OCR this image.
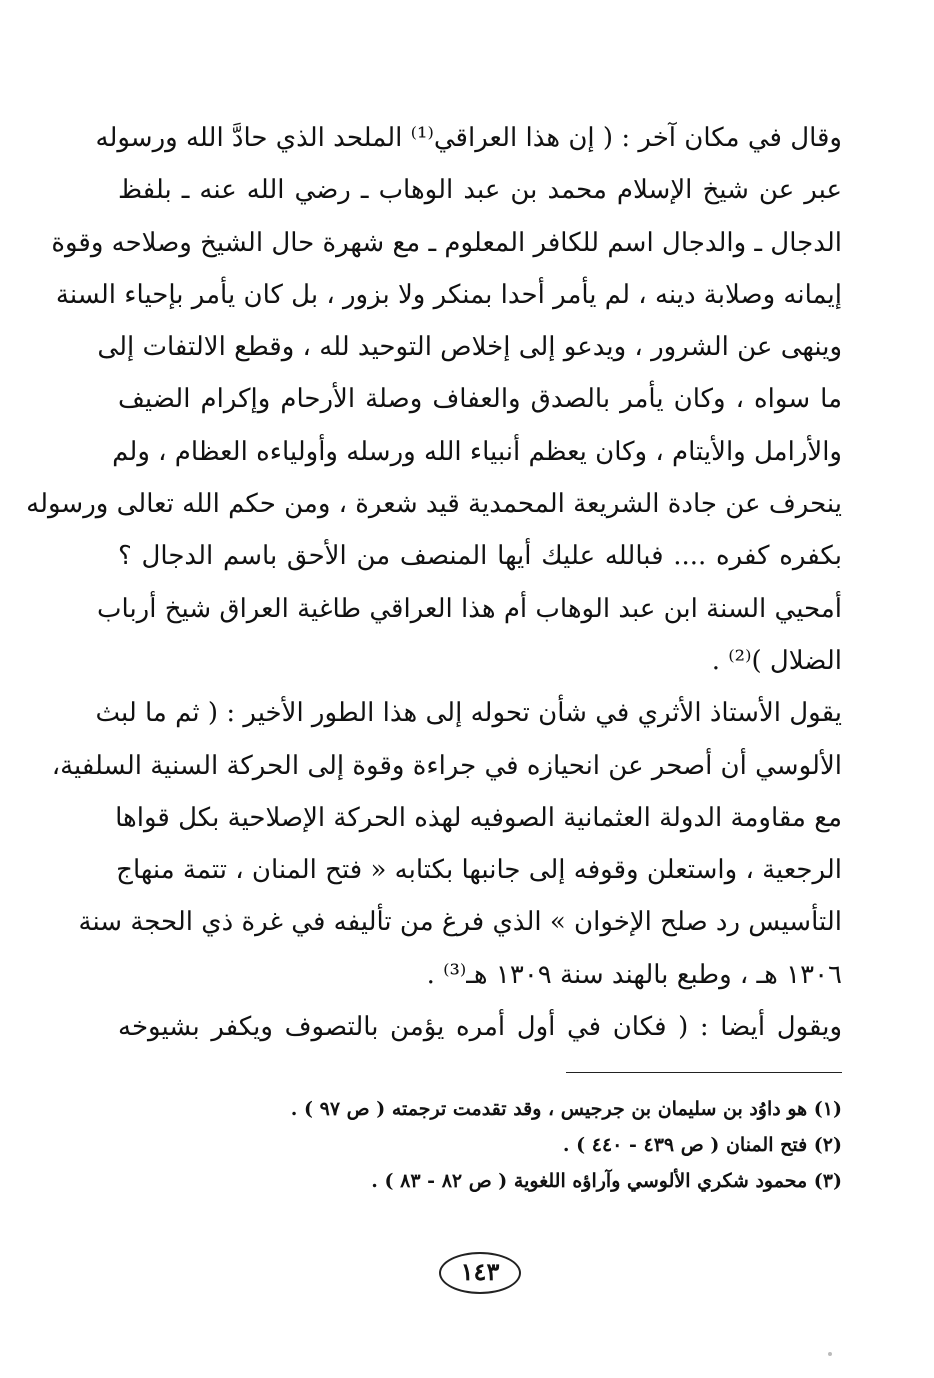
وقال في مكان آخر : ( إن هذا العراقي⁽¹⁾ الملحد الذي حادَّ الله ورسوله
عبر عن شيخ الإسلام محمد بن عبد الوهاب ـ رضي الله عنه ـ بلفظ
الدجال ـ والدجال اسم للكافر المعلوم ـ مع شهرة حال الشيخ وصلاحه وقوة
إيمانه وصلابة دينه ، لم يأمر أحدا بمنكر ولا بزور ، بل كان يأمر بإحياء السنة
وينهى عن الشرور ، ويدعو إلى إخلاص التوحيد لله ، وقطع الالتفات إلى
ما سواه ، وكان يأمر بالصدق والعفاف وصلة الأرحام وإكرام الضيف
والأرامل والأيتام ، وكان يعظم أنبياء الله ورسله وأولياءه العظام ، ولم
ينحرف عن جادة الشريعة المحمدية قيد شعرة ، ومن حكم الله تعالى ورسوله
بكفره كفره .... فبالله عليك أيها المنصف من الأحق باسم الدجال ؟
أمحيي السنة ابن عبد الوهاب أم هذا العراقي طاغية العراق شيخ أرباب
الضلال )⁽²⁾ .

يقول الأستاذ الأثري في شأن تحوله إلى هذا الطور الأخير : ( ثم ما لبث
الألوسي أن أصحر عن انحيازه في جراءة وقوة إلى الحركة السنية السلفية،
مع مقاومة الدولة العثمانية الصوفيه لهذه الحركة الإصلاحية بكل قواها
الرجعية ، واستعلن وقوفه إلى جانبها بكتابه « فتح المنان ، تتمة منهاج
التأسيس رد صلح الإخوان » الذي فرغ من تأليفه في غرة ذي الحجة سنة
١٣٠٦ هـ ، وطبع بالهند سنة ١٣٠٩ هـ⁽³⁾ .

ويقول أيضا : ( فكان في أول أمره يؤمن بالتصوف ويكفر بشيوخه

(١) هو داوُد بن سليمان بن جرجيس ، وقد تقدمت ترجمته ( ص ٩٧ ) .
(٢) فتح المنان ( ص ٤٣٩ - ٤٤٠ ) .
(٣) محمود شكري الألوسي وآراؤه اللغوية ( ص ٨٢ - ٨٣ ) .
١٤٣
